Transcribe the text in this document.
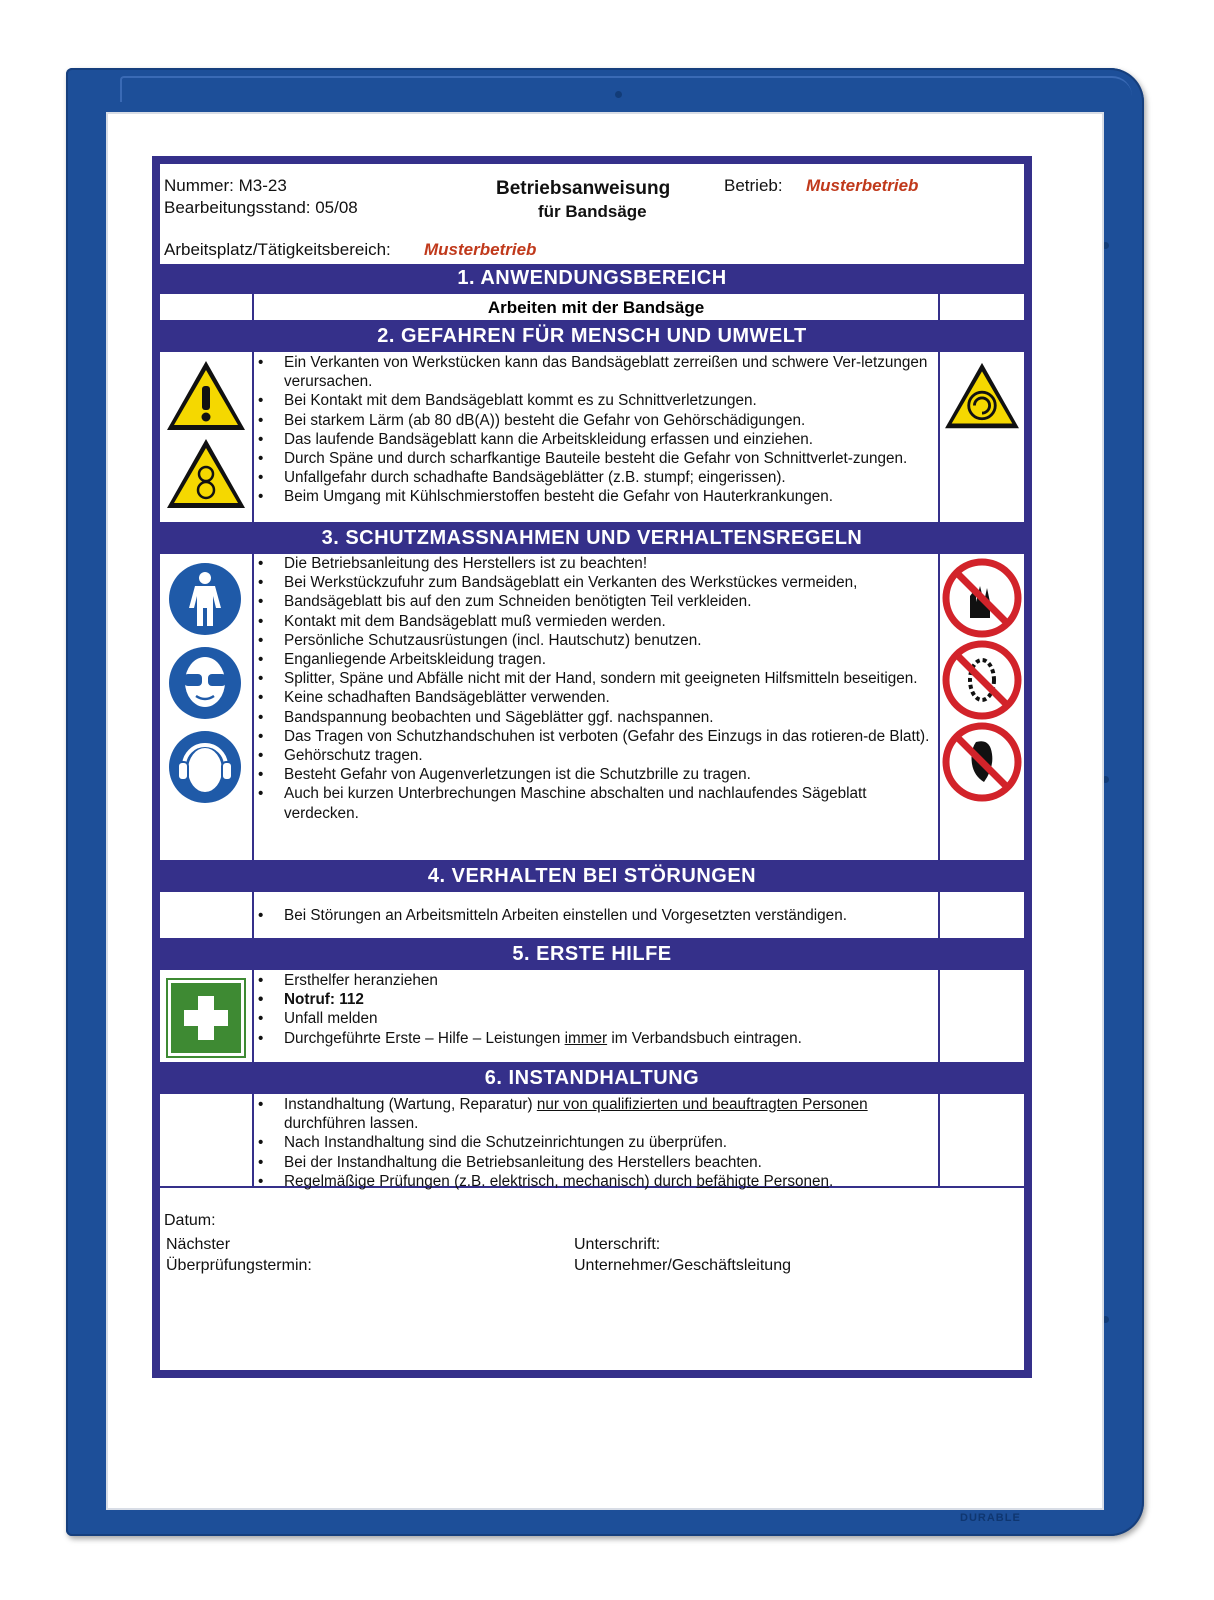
DURABLE
Nummer: M3-23
Bearbeitungsstand: 05/08
Betriebsanweisung
für Bandsäge
Betrieb: Musterbetrieb
Arbeitsplatz/Tätigkeitsbereich: Musterbetrieb
1. ANWENDUNGSBEREICH
Arbeiten mit der Bandsäge
2. GEFAHREN FÜR MENSCH UND UMWELT
• Ein Verkanten von Werkstücken kann das Bandsägeblatt zerreißen und schwere Ver-letzungen verursachen.
• Bei Kontakt mit dem Bandsägeblatt kommt es zu Schnittverletzungen.
• Bei starkem Lärm (ab 80 dB(A)) besteht die Gefahr von Gehörschädigungen.
• Das laufende Bandsägeblatt kann die Arbeitskleidung erfassen und einziehen.
• Durch Späne und durch scharfkantige Bauteile besteht die Gefahr von Schnittverlet-zungen.
• Unfallgefahr durch schadhafte Bandsägeblätter (z.B. stumpf; eingerissen).
• Beim Umgang mit Kühlschmierstoffen besteht die Gefahr von Hauterkrankungen.
3. SCHUTZMASSNAHMEN UND VERHALTENSREGELN
• Die Betriebsanleitung des Herstellers ist zu beachten!
• Bei Werkstückzufuhr zum Bandsägeblatt ein Verkanten des Werkstückes vermeiden,
• Bandsägeblatt bis auf den zum Schneiden benötigten Teil verkleiden.
• Kontakt mit dem Bandsägeblatt muß vermieden werden.
• Persönliche Schutzausrüstungen (incl. Hautschutz) benutzen.
• Enganliegende Arbeitskleidung tragen.
• Splitter, Späne und Abfälle nicht mit der Hand, sondern mit geeigneten Hilfsmitteln beseitigen.
• Keine schadhaften Bandsägeblätter verwenden.
• Bandspannung beobachten und Sägeblätter ggf. nachspannen.
• Das Tragen von Schutzhandschuhen ist verboten (Gefahr des Einzugs in das rotieren-de Blatt).
• Gehörschutz tragen.
• Besteht Gefahr von Augenverletzungen ist die Schutzbrille zu tragen.
• Auch bei kurzen Unterbrechungen Maschine abschalten und nachlaufendes Sägeblatt verdecken.
4. VERHALTEN BEI STÖRUNGEN
• Bei Störungen an Arbeitsmitteln Arbeiten einstellen und Vorgesetzten verständigen.
5. ERSTE HILFE
• Ersthelfer heranziehen
• Notruf: 112
• Unfall melden
• Durchgeführte Erste – Hilfe – Leistungen immer im Verbandsbuch eintragen.
6. INSTANDHALTUNG
• Instandhaltung (Wartung, Reparatur) nur von qualifizierten und beauftragten Personen durchführen lassen.
• Nach Instandhaltung sind die Schutzeinrichtungen zu überprüfen.
• Bei der Instandhaltung die Betriebsanleitung des Herstellers beachten.
• Regelmäßige Prüfungen (z.B. elektrisch, mechanisch) durch befähigte Personen.
Datum:
Nächster
Überprüfungstermin:
Unterschrift:
Unternehmer/Geschäftsleitung
